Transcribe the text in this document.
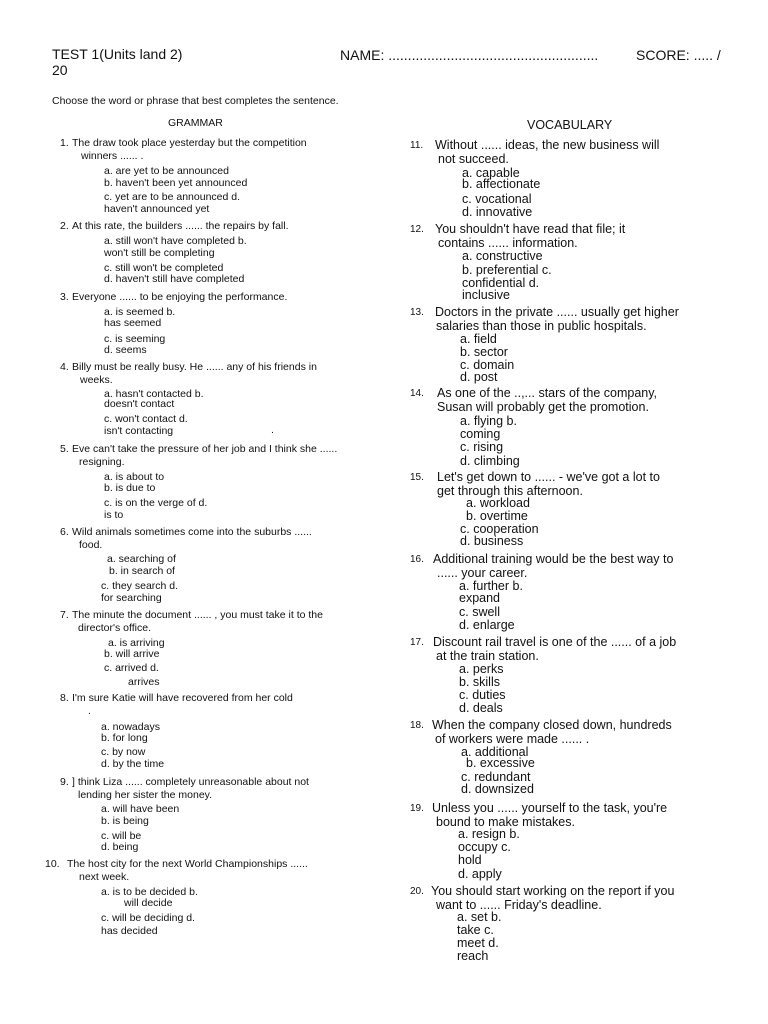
TEST 1(Units land 2)
20
NAME: ......................................................	SCORE: ..... /
Choose the word or phrase that best completes the sentence.
GRAMMAR	VOCABULARY
1. The draw took place yesterday but the competition
winners ...... .
a. are yet to be announced
b. haven't been yet announced
c. yet are to be announced d.
haven't announced yet
2. At this rate, the builders ...... the repairs by fall.
a. still won't have completed b.
won't still be completing
c. still won't be completed
d. haven't still have completed
3. Everyone ...... to be enjoying the performance.
a. is seemed b.
has seemed
c. is seeming
d. seems
4. Billy must be really busy. He ...... any of his friends in
weeks.
a. hasn't contacted b.
doesn't contact
c. won't contact d.
isn't contacting	.
5. Eve can't take the pressure of her job and I think she ......
resigning.
a. is about to
b. is due to
c. is on the verge of d.
is to
6. Wild animals sometimes come into the suburbs ......
food.
a. searching of
b. in search of
c. they search d.
for searching
7. The minute the document ...... , you must take it to the
director's office.
a. is arriving
b. will arrive
c. arrived d.
arrives
8. I'm sure Katie will have recovered from her cold
.
a. nowadays
b. for long
c. by now
d. by the time
9. ] think Liza ...... completely unreasonable about not
lending her sister the money.
a. will have been
b. is being
c. will be
d. being
10. The host city for the next World Championships ......
next week.
a. is to be decided b.
will decide
c. will be deciding d.
has decided
11. Without ...... ideas, the new business will
not succeed.
a. capable
b. affectionate
c. vocational
d. innovative
12. You shouldn't have read that file; it
contains ...... information.
a. constructive
b. preferential c.
confidential d.
inclusive
13. Doctors in the private ...... usually get higher
salaries than those in public hospitals.
a. field
b. sector
c. domain
d. post
14. As one of the ..,... stars of the company,
Susan will probably get the promotion.
a. flying b.
coming
c. rising
d. climbing
15. Let's get down to ...... - we've got a lot to
get through this afternoon.
a. workload
b. overtime
c. cooperation
d. business
16. Additional training would be the best way to
...... your career.
a. further b.
expand
c. swell
d. enlarge
17. Discount rail travel is one of the ...... of a job
at the train station.
a. perks
b. skills
c. duties
d. deals
18. When the company closed down, hundreds
of workers were made ...... .
a. additional
b. excessive
c. redundant
d. downsized
19. Unless you ...... yourself to the task, you're
bound to make mistakes.
a. resign b.
occupy c.
hold
d. apply
20. You should start working on the report if you
want to ...... Friday's deadline.
a. set b.
take c.
meet d.
reach
